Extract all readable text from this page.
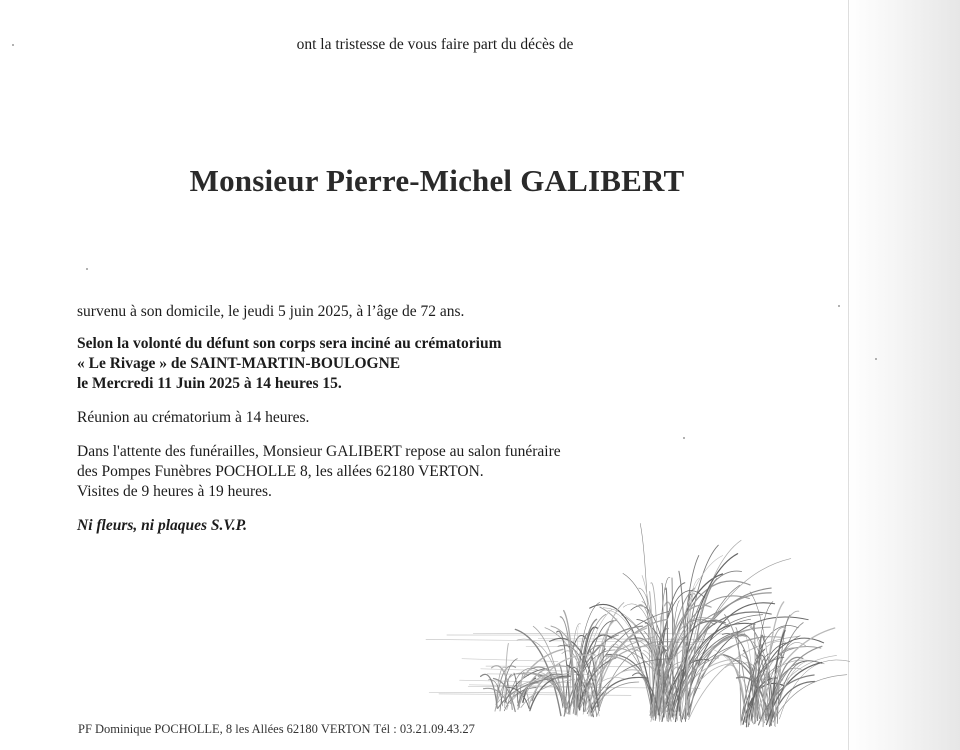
ont la tristesse de vous faire part du décès de
Monsieur Pierre-Michel GALIBERT

survenu à son domicile, le jeudi 5 juin 2025, à l’âge de 72 ans.

Selon la volonté du défunt son corps sera inciné au crématorium

« Le Rivage » de SAINT-MARTIN-BOULOGNE

le Mercredi 11 Juin 2025 à 14 heures 15.

Réunion au crématorium à 14 heures.

Dans l'attente des funérailles, Monsieur GALIBERT repose au salon funéraire

des Pompes Funèbres POCHOLLE 8, les allées 62180 VERTON.

Visites de 9 heures à 19 heures.

Ni fleurs, ni plaques S.V.P.

PF Dominique POCHOLLE, 8 les Allées 62180 VERTON Tél : 03.21.09.43.27
